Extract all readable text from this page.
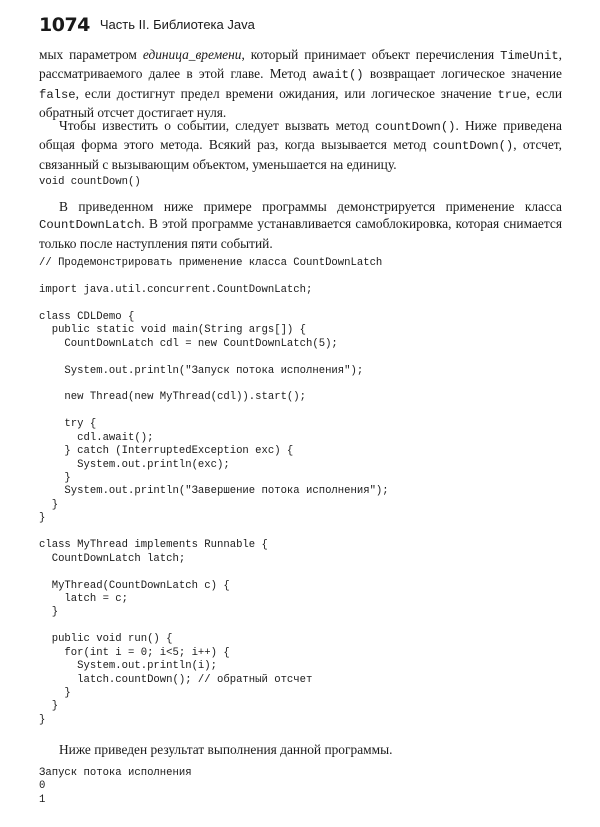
1074 Часть II. Библиотека Java

мых параметром единица_времени, который принимает объект перечисления TimeUnit, рассматриваемого далее в этой главе. Метод await() возвращает логическое значение false, если достигнут предел времени ожидания, или логическое значение true, если обратный отсчет достигает нуля.

Чтобы известить о событии, следует вызвать метод countDown(). Ниже приведена общая форма этого метода. Всякий раз, когда вызывается метод countDown(), отсчет, связанный с вызывающим объектом, уменьшается на единицу.

void countDown()

В приведенном ниже примере программы демонстрируется применение класса CountDownLatch. В этой программе устанавливается самоблокировка, которая снимается только после наступления пяти событий.

// Продемонстрировать применение класса CountDownLatch
import java.util.concurrent.CountDownLatch;
class CDLDemo {
public static void main(String args[]) {
CountDownLatch cdl = new CountDownLatch(5);
System.out.println("Запуск потока исполнения");
new Thread(new MyThread(cdl)).start();
try {
cdl.await();
} catch (InterruptedException exc) {
System.out.println(exc);
}
System.out.println("Завершение потока исполнения");
}
}
class MyThread implements Runnable {
CountDownLatch latch;
MyThread(CountDownLatch c) {
latch = c;
}
public void run() {
for(int i = 0; i<5; i++) {
System.out.println(i);
latch.countDown(); // обратный отсчет
}
}
}

Ниже приведен результат выполнения данной программы.

Запуск потока исполнения
0
1
